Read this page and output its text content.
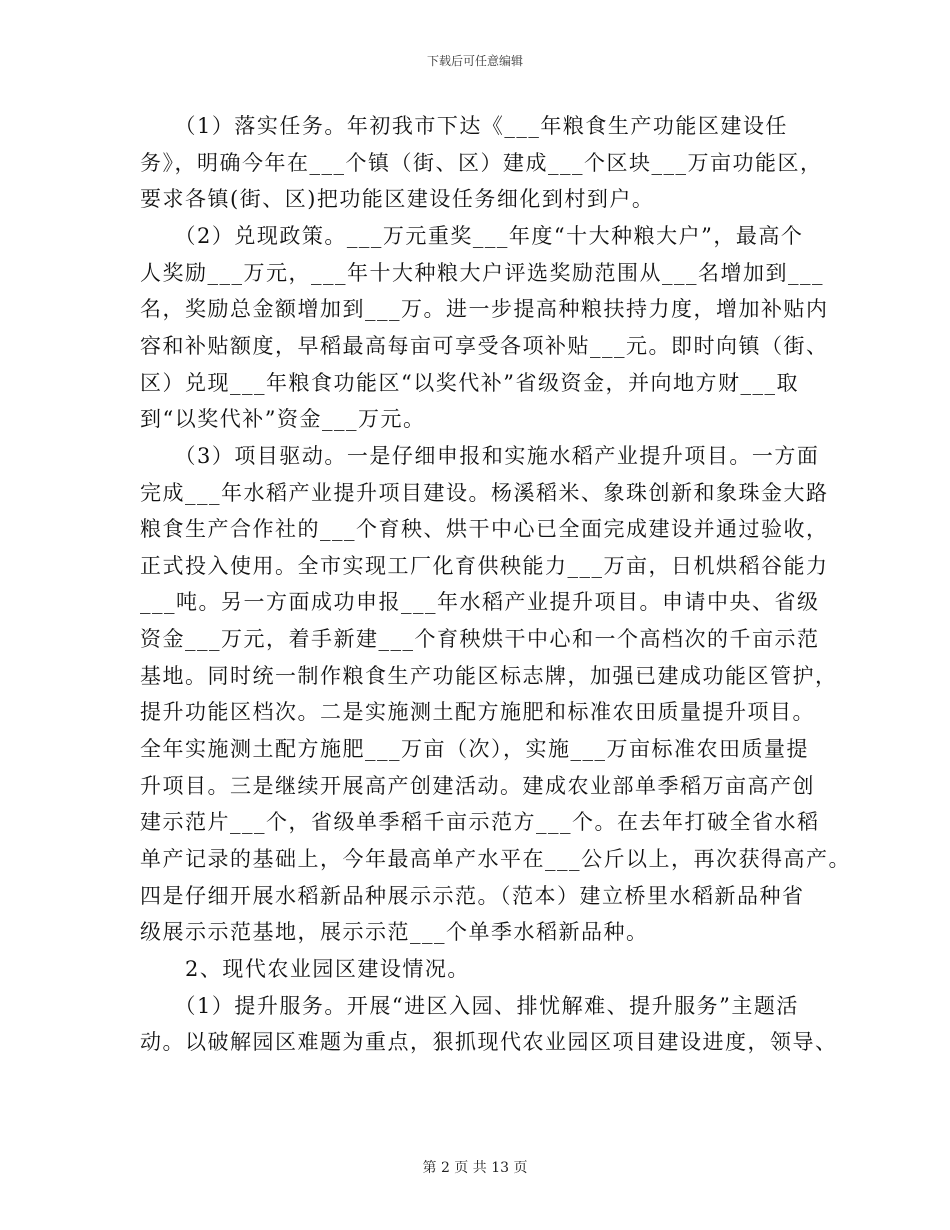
下载后可任意编辑
　　（1）落实任务。年初我市下达《___年粮食生产功能区建设任
务》，明确今年在___个镇（街、区）建成___个区块___万亩功能区，
要求各镇(街、区)把功能区建设任务细化到村到户。
　　（2）兑现政策。___万元重奖___年度“十大种粮大户”，最高个
人奖励___万元，___年十大种粮大户评选奖励范围从___名增加到___
名，奖励总金额增加到___万。进一步提高种粮扶持力度，增加补贴内
容和补贴额度，早稻最高每亩可享受各项补贴___元。即时向镇（街、
区）兑现___年粮食功能区“以奖代补”省级资金，并向地方财___取
到“以奖代补”资金___万元。
　　（3）项目驱动。一是仔细申报和实施水稻产业提升项目。一方面
完成___年水稻产业提升项目建设。杨溪稻米、象珠创新和象珠金大路
粮食生产合作社的___个育秧、烘干中心已全面完成建设并通过验收，
正式投入使用。全市实现工厂化育供秧能力___万亩，日机烘稻谷能力
___吨。另一方面成功申报___年水稻产业提升项目。申请中央、省级
资金___万元，着手新建___个育秧烘干中心和一个高档次的千亩示范
基地。同时统一制作粮食生产功能区标志牌，加强已建成功能区管护，
提升功能区档次。二是实施测土配方施肥和标准农田质量提升项目。
全年实施测土配方施肥___万亩（次），实施___万亩标准农田质量提
升项目。三是继续开展高产创建活动。建成农业部单季稻万亩高产创
建示范片___个，省级单季稻千亩示范方___个。在去年打破全省水稻
单产记录的基础上，今年最高单产水平在___公斤以上，再次获得高产。
四是仔细开展水稻新品种展示示范。（范本）建立桥里水稻新品种省
级展示示范基地，展示示范___个单季水稻新品种。
　　2、现代农业园区建设情况。
　　（1）提升服务。开展“进区入园、排忧解难、提升服务”主题活
动。以破解园区难题为重点，狠抓现代农业园区项目建设进度，领导、
第 2 页 共 13 页
